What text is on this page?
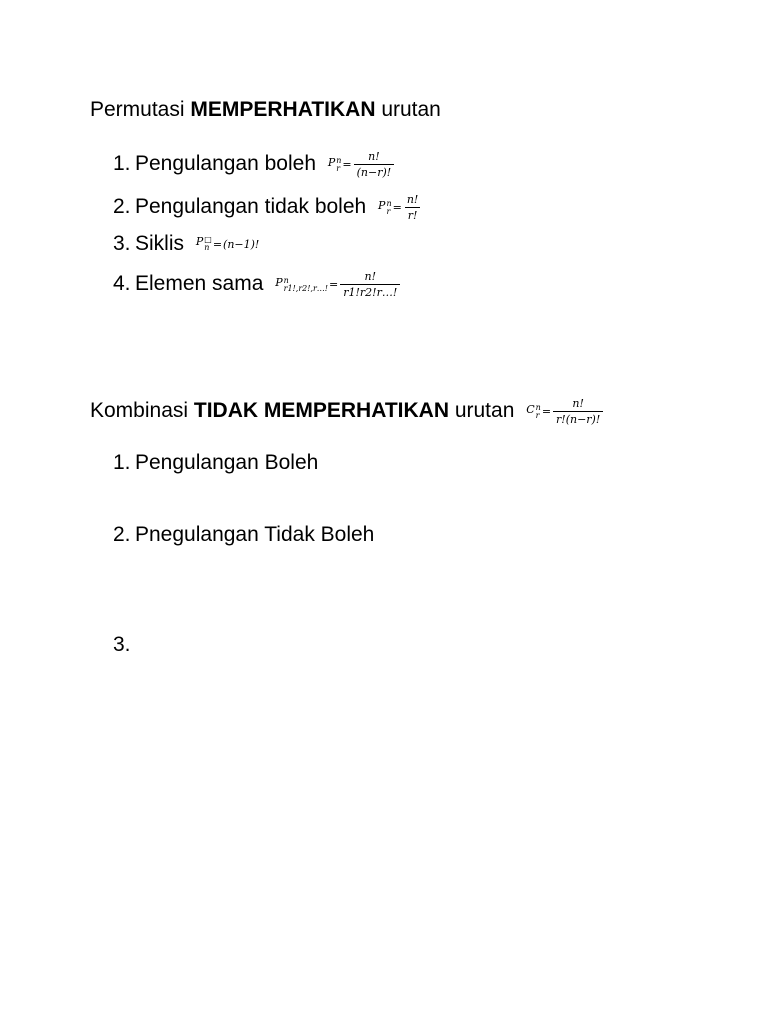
Permutasi MEMPERHATIKAN urutan
1. Pengulangan boleh P n
$r = \frac{n!}{(n-r)!}$
2. Pengulangan tidak boleh P n
$r = \frac{n!}{r!}$
3. Siklis P □
n = (n−1)!
4. Elemen sama P n
r1!,r2!,r…! = $\frac{n!}{r1!r2!r\dots!}$
Kombinasi TIDAK MEMPERHATIKAN urutan C n
$r = \frac{n!}{r!(n-r)!}$
1. Pengulangan Boleh
2. Pnegulangan Tidak Boleh
3.
